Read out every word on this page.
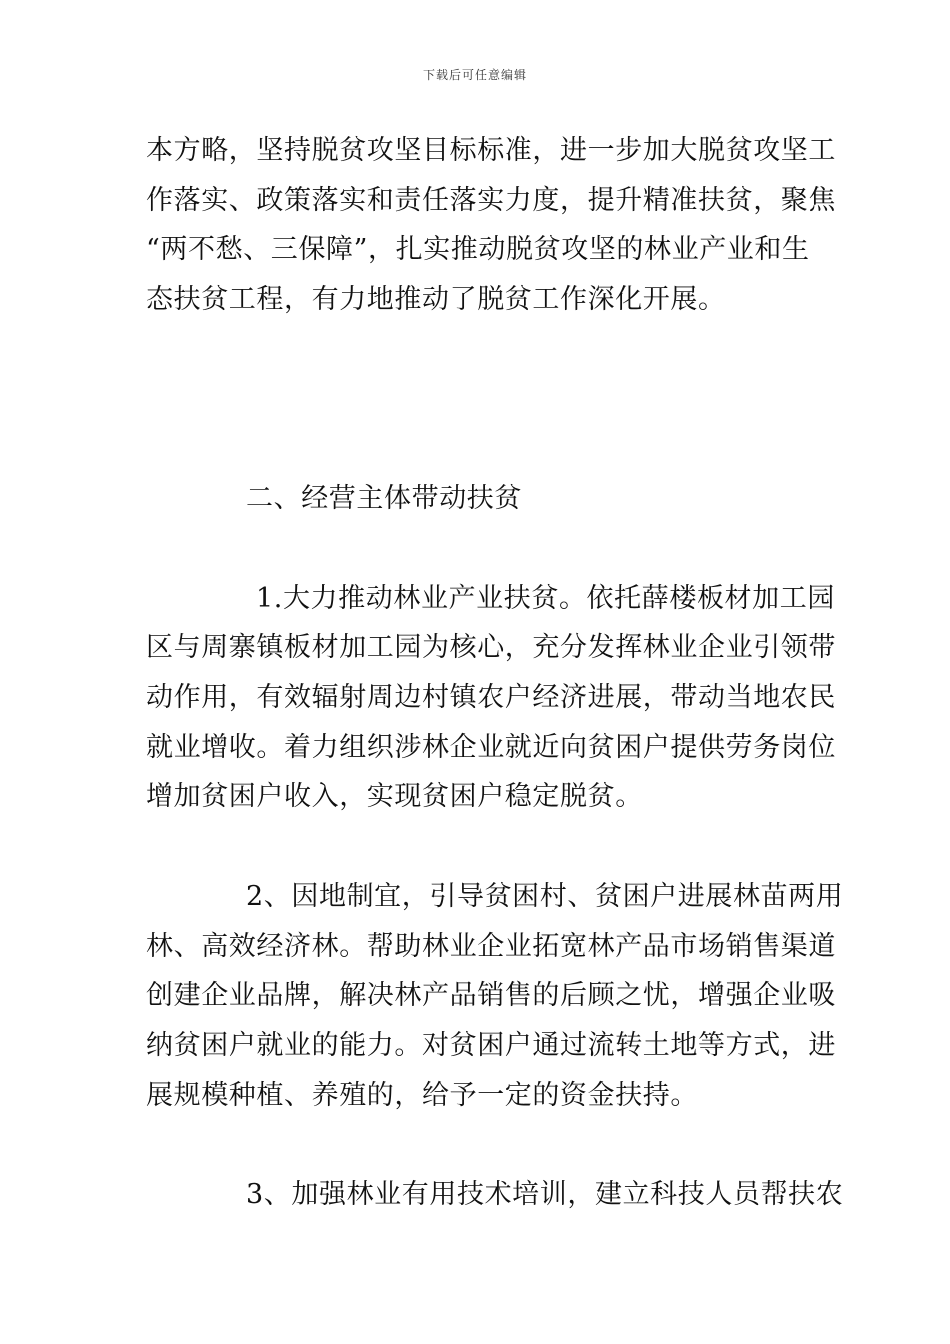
下载后可任意编辑
本方略，坚持脱贫攻坚目标标准，进一步加大脱贫攻坚工
作落实、政策落实和责任落实力度，提升精准扶贫，聚焦
“两不愁、三保障”，扎实推动脱贫攻坚的林业产业和生
态扶贫工程，有力地推动了脱贫工作深化开展。
二、经营主体带动扶贫
1.大力推动林业产业扶贫。依托薛楼板材加工园
区与周寨镇板材加工园为核心，充分发挥林业企业引领带
动作用，有效辐射周边村镇农户经济进展，带动当地农民
就业增收。着力组织涉林企业就近向贫困户提供劳务岗位
增加贫困户收入，实现贫困户稳定脱贫。
2、因地制宜，引导贫困村、贫困户进展林苗两用
林、高效经济林。帮助林业企业拓宽林产品市场销售渠道
创建企业品牌，解决林产品销售的后顾之忧，增强企业吸
纳贫困户就业的能力。对贫困户通过流转土地等方式，进
展规模种植、养殖的，给予一定的资金扶持。
3、加强林业有用技术培训，建立科技人员帮扶农
